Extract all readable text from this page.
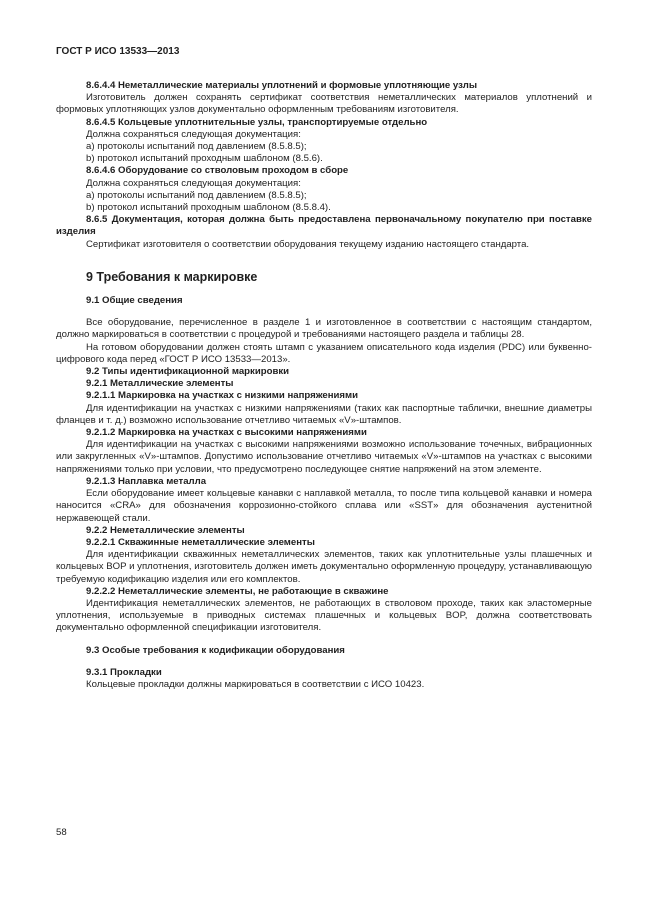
ГОСТ Р ИСО 13533—2013

8.6.4.4 Неметаллические материалы уплотнений и формовые уплотняющие узлы

Изготовитель должен сохранять сертификат соответствия неметаллических материалов уплотнений и формовых уплотняющих узлов документально оформленным требованиям изготовителя.

8.6.4.5 Кольцевые уплотнительные узлы, транспортируемые отдельно

Должна сохраняться следующая документация:

а) протоколы испытаний под давлением (8.5.8.5);

b) протокол испытаний проходным шаблоном (8.5.6).

8.6.4.6 Оборудование со стволовым проходом в сборе

Должна сохраняться следующая документация:

а) протоколы испытаний под давлением (8.5.8.5);

b) протокол испытаний проходным шаблоном (8.5.8.4).

8.6.5 Документация, которая должна быть предоставлена первоначальному покупателю при поставке изделия

Сертификат изготовителя о соответствии оборудования текущему изданию настоящего стандарта.

9 Требования к маркировке

9.1 Общие сведения

Все оборудование, перечисленное в разделе 1 и изготовленное в соответствии с настоящим стандартом, должно маркироваться в соответствии с процедурой и требованиями настоящего раздела и таблицы 28.

На готовом оборудовании должен стоять штамп с указанием описательного кода изделия (PDC) или буквенно-цифрового кода перед «ГОСТ Р ИСО 13533—2013».

9.2 Типы идентификационной маркировки

9.2.1 Металлические элементы

9.2.1.1 Маркировка на участках с низкими напряжениями

Для идентификации на участках с низкими напряжениями (таких как паспортные таблички, внешние диаметры фланцев и т. д.) возможно использование отчетливо читаемых «V»-штампов.

9.2.1.2 Маркировка на участках с высокими напряжениями

Для идентификации на участках с высокими напряжениями возможно использование точечных, вибрационных или закругленных «V»-штампов. Допустимо использование отчетливо читаемых «V»-штампов на участках с высокими напряжениями только при условии, что предусмотрено последующее снятие напряжений на этом элементе.

9.2.1.3 Наплавка металла

Если оборудование имеет кольцевые канавки с наплавкой металла, то после типа кольцевой канавки и номера наносится «CRA» для обозначения коррозионно-стойкого сплава или «SST» для обозначения аустенитной нержавеющей стали.

9.2.2 Неметаллические элементы

9.2.2.1 Скважинные неметаллические элементы

Для идентификации скважинных неметаллических элементов, таких как уплотнительные узлы плашечных и кольцевых BOP и уплотнения, изготовитель должен иметь документально оформленную процедуру, устанавливающую требуемую кодификацию изделия или его комплектов.

9.2.2.2 Неметаллические элементы, не работающие в скважине

Идентификация неметаллических элементов, не работающих в стволовом проходе, таких как эластомерные уплотнения, используемые в приводных системах плашечных и кольцевых BOP, должна соответствовать документально оформленной спецификации изготовителя.

9.3 Особые требования к кодификации оборудования

9.3.1 Прокладки

Кольцевые прокладки должны маркироваться в соответствии с ИСО 10423.

58
